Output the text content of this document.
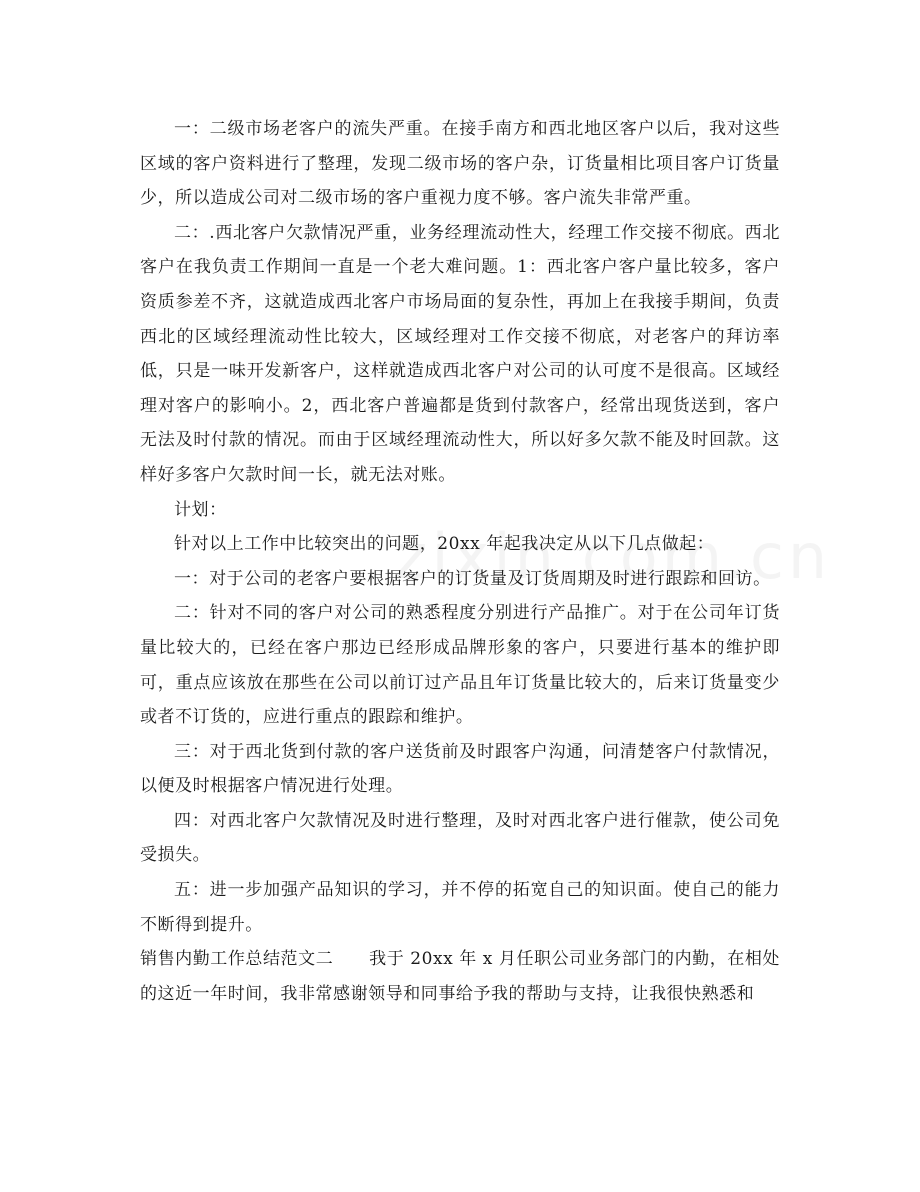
一：二级市场老客户的流失严重。在接手南方和西北地区客户以后，我对这些区域的客户资料进行了整理，发现二级市场的客户杂，订货量相比项目客户订货量少，所以造成公司对二级市场的客户重视力度不够。客户流失非常严重。

二：.西北客户欠款情况严重，业务经理流动性大，经理工作交接不彻底。西北客户在我负责工作期间一直是一个老大难问题。1：西北客户客户量比较多，客户资质参差不齐，这就造成西北客户市场局面的复杂性，再加上在我接手期间，负责西北的区域经理流动性比较大，区域经理对工作交接不彻底，对老客户的拜访率低，只是一味开发新客户，这样就造成西北客户对公司的认可度不是很高。区域经理对客户的影响小。2，西北客户普遍都是货到付款客户，经常出现货送到，客户无法及时付款的情况。而由于区域经理流动性大，所以好多欠款不能及时回款。这样好多客户欠款时间一长，就无法对账。

计划：

针对以上工作中比较突出的问题，20xx 年起我决定从以下几点做起：

一：对于公司的老客户要根据客户的订货量及订货周期及时进行跟踪和回访。

二：针对不同的客户对公司的熟悉程度分别进行产品推广。对于在公司年订货量比较大的，已经在客户那边已经形成品牌形象的客户，只要进行基本的维护即可，重点应该放在那些在公司以前订过产品且年订货量比较大的，后来订货量变少或者不订货的，应进行重点的跟踪和维护。

三：对于西北货到付款的客户送货前及时跟客户沟通，问清楚客户付款情况，以便及时根据客户情况进行处理。

四：对西北客户欠款情况及时进行整理，及时对西北客户进行催款，使公司免受损失。

五：进一步加强产品知识的学习，并不停的拓宽自己的知识面。使自己的能力不断得到提升。

销售内勤工作总结范文二 我于 20xx 年 x 月任职公司业务部门的内勤，在相处的这近一年时间，我非常感谢领导和同事给予我的帮助与支持，让我很快熟悉和
